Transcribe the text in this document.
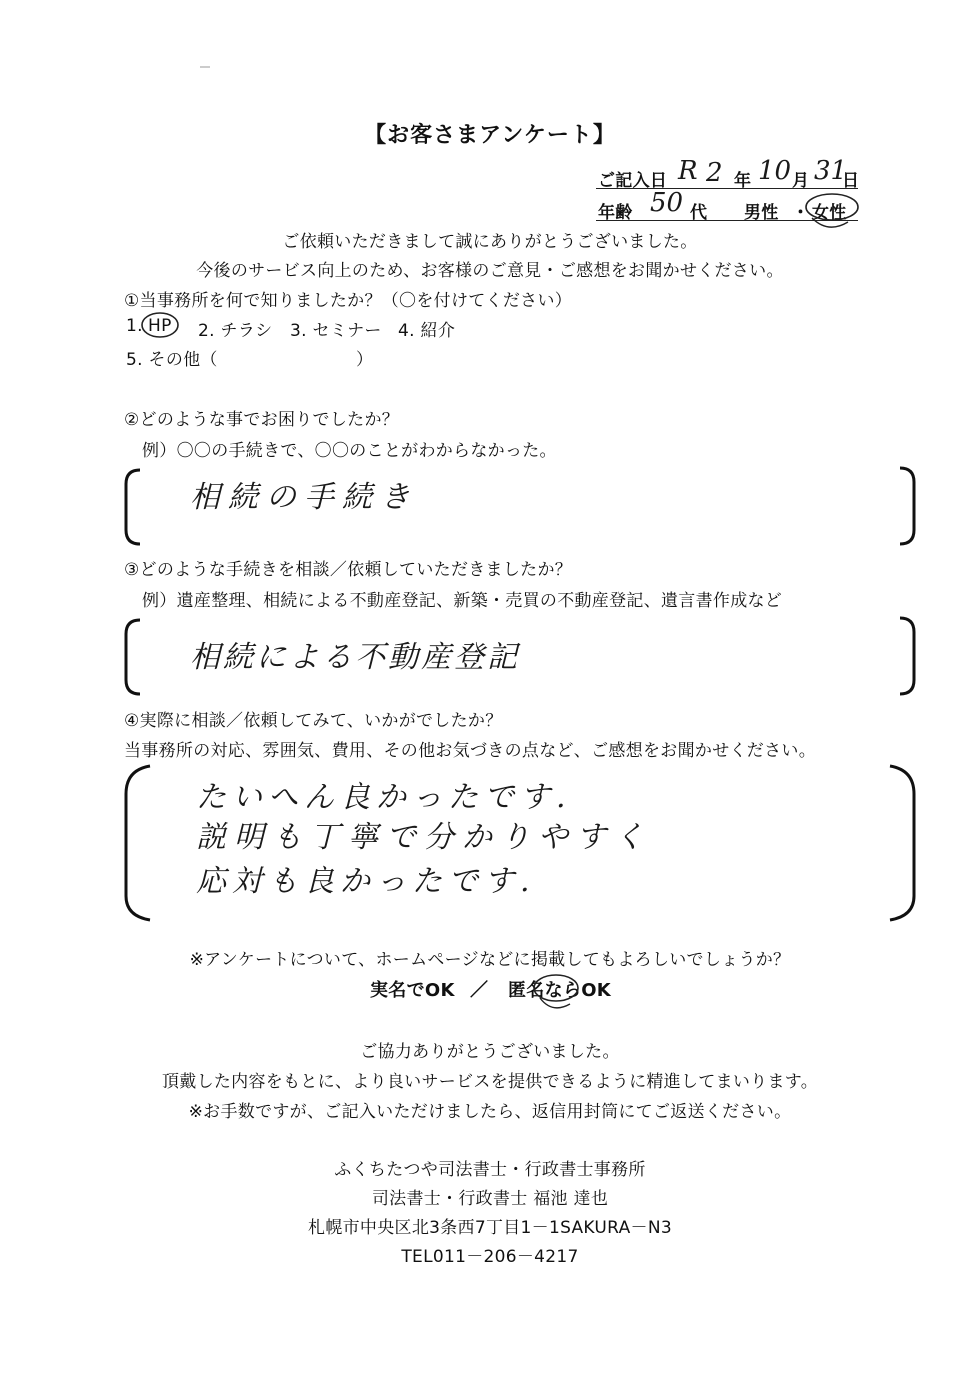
【お客さまアンケート】
ご記入日 R 2 年 10 月 31
日
年齢 50 代 男性 ・ 女性
ご依頼いただきまして誠にありがとうございました。
今後のサービス向上のため、お客様のご意見・ご感想をお聞かせください。
①当事務所を何で知りましたか？（〇を付けてください）
1. HP 2. チラシ 3. セミナー 4. 紹介
5. その他（	）
②どのような事でお困りでしたか？
例）〇〇の手続きで、〇〇のことがわからなかった。
相続の手続き
③どのような手続きを相談／依頼していただきましたか？
例）遺産整理、相続による不動産登記、新築・売買の不動産登記、遺言書作成など
相続による不動産登記
④実際に相談／依頼してみて、いかがでしたか？
当事務所の対応、雰囲気、費用、その他お気づきの点など、ご感想をお聞かせください。
たいへん良かったです.
説明も丁寧で分かりやすく
応対も良かったです.
※アンケートについて、ホームページなどに掲載してもよろしいでしょうか？
実名でOK ／ 匿名ならOK
ご協力ありがとうございました。
頂戴した内容をもとに、より良いサービスを提供できるように精進してまいります。
※お手数ですが、ご記入いただけましたら、返信用封筒にてご返送ください。
ふくちたつや司法書士・行政書士事務所
司法書士・行政書士 福池 達也
札幌市中央区北3条西7丁目1－1SAKURA－N3
TEL011－206－4217
